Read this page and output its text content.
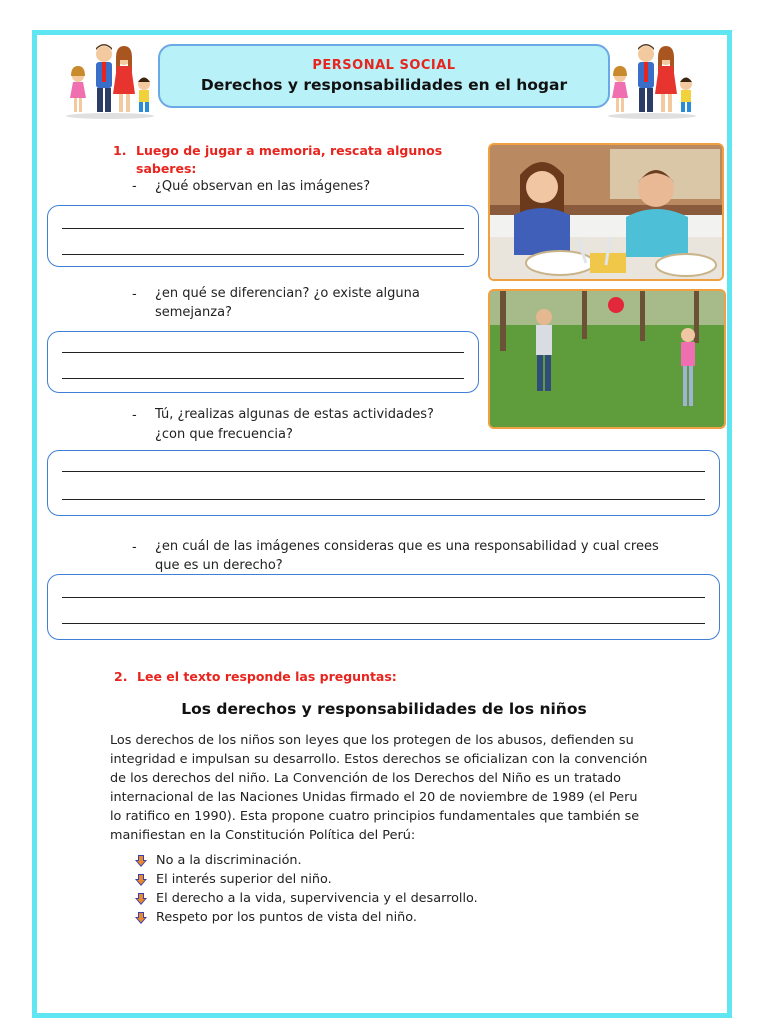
PERSONAL SOCIAL
Derechos y responsabilidades en el hogar
1. Luego de jugar a memoria, rescata algunos
saberes:
- ¿Qué observan en las imágenes?
- ¿en qué se diferencian? ¿o existe alguna
semejanza?
- Tú, ¿realizas algunas de estas actividades?
¿con que frecuencia?
- ¿en cuál de las imágenes consideras que es una responsabilidad y cual crees
que es un derecho?
2. Lee el texto responde las preguntas:
Los derechos y responsabilidades de los niños
Los derechos de los niños son leyes que los protegen de los abusos, defienden su
integridad e impulsan su desarrollo. Estos derechos se oficializan con la convención
de los derechos del niño. La Convención de los Derechos del Niño es un tratado
internacional de las Naciones Unidas firmado el 20 de noviembre de 1989 (el Peru
lo ratifico en 1990). Esta propone cuatro principios fundamentales que también se
manifiestan en la Constitución Política del Perú:
No a la discriminación.
El interés superior del niño.
El derecho a la vida, supervivencia y el desarrollo.
Respeto por los puntos de vista del niño.
